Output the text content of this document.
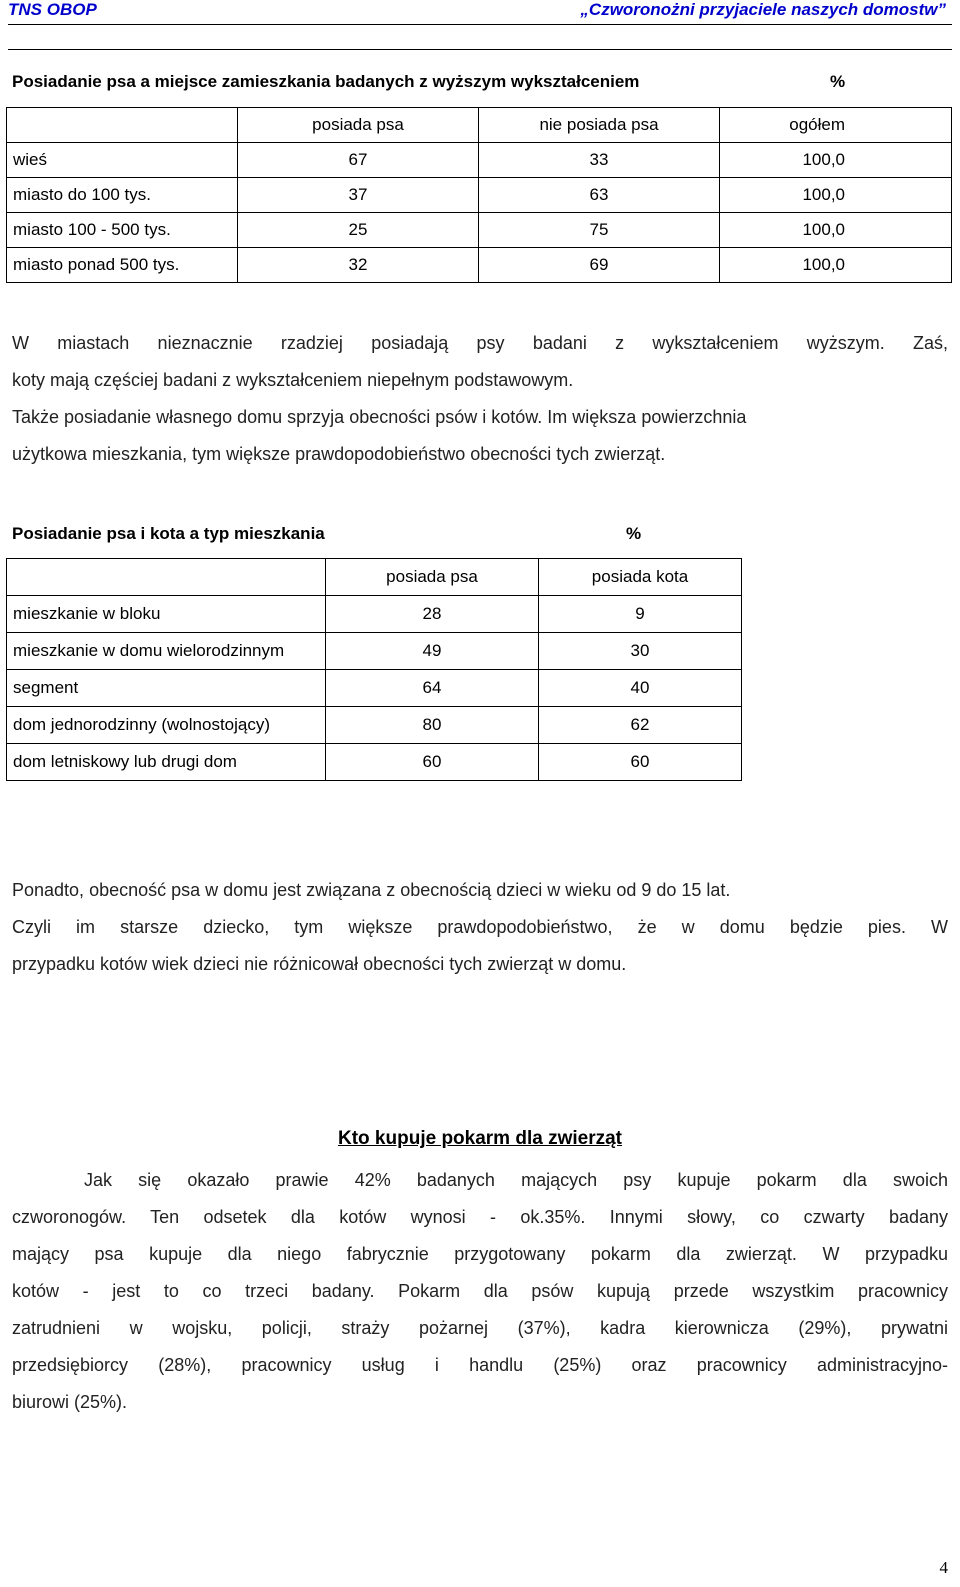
TNS OBOP	„Czworonożni przyjaciele naszych domostw”
Posiadanie psa a miejsce zamieszkania badanych z wyższym wykształceniem	%
	posiada psa	nie posiada psa	ogółem
wieś	67	33	100,0
miasto do 100 tys.	37	63	100,0
miasto 100 - 500 tys.	25	75	100,0
miasto ponad 500 tys.	32	69	100,0

W miastach nieznacznie rzadziej posiadają psy badani z wykształceniem wyższym. Zaś,

koty mają częściej badani z wykształceniem niepełnym podstawowym.

Także posiadanie własnego domu sprzyja obecności psów i kotów. Im większa powierzchnia

użytkowa mieszkania, tym większe prawdopodobieństwo obecności tych zwierząt.

Posiadanie psa i kota a typ mieszkania	%
	posiada psa	posiada kota
mieszkanie w bloku	28	9
mieszkanie w domu wielorodzinnym	49	30
segment	64	40
dom jednorodzinny (wolnostojący)	80	62
dom letniskowy lub drugi dom	60	60

Ponadto, obecność psa w domu jest związana z obecnością dzieci w wieku od 9 do 15 lat.

Czyli im starsze dziecko, tym większe prawdopodobieństwo, że w domu będzie pies. W

przypadku kotów wiek dzieci nie różnicował obecności tych zwierząt w domu.

Kto kupuje pokarm dla zwierząt

Jak się okazało prawie 42% badanych mających psy kupuje pokarm dla swoich

czworonogów. Ten odsetek dla kotów wynosi - ok.35%. Innymi słowy, co czwarty badany

mający psa kupuje dla niego fabrycznie przygotowany pokarm dla zwierząt. W przypadku

kotów - jest to co trzeci badany. Pokarm dla psów kupują przede wszystkim pracownicy

zatrudnieni w wojsku, policji, straży pożarnej (37%), kadra kierownicza (29%), prywatni

przedsiębiorcy (28%), pracownicy usług i handlu (25%) oraz pracownicy administracyjno-

biurowi (25%).

4
